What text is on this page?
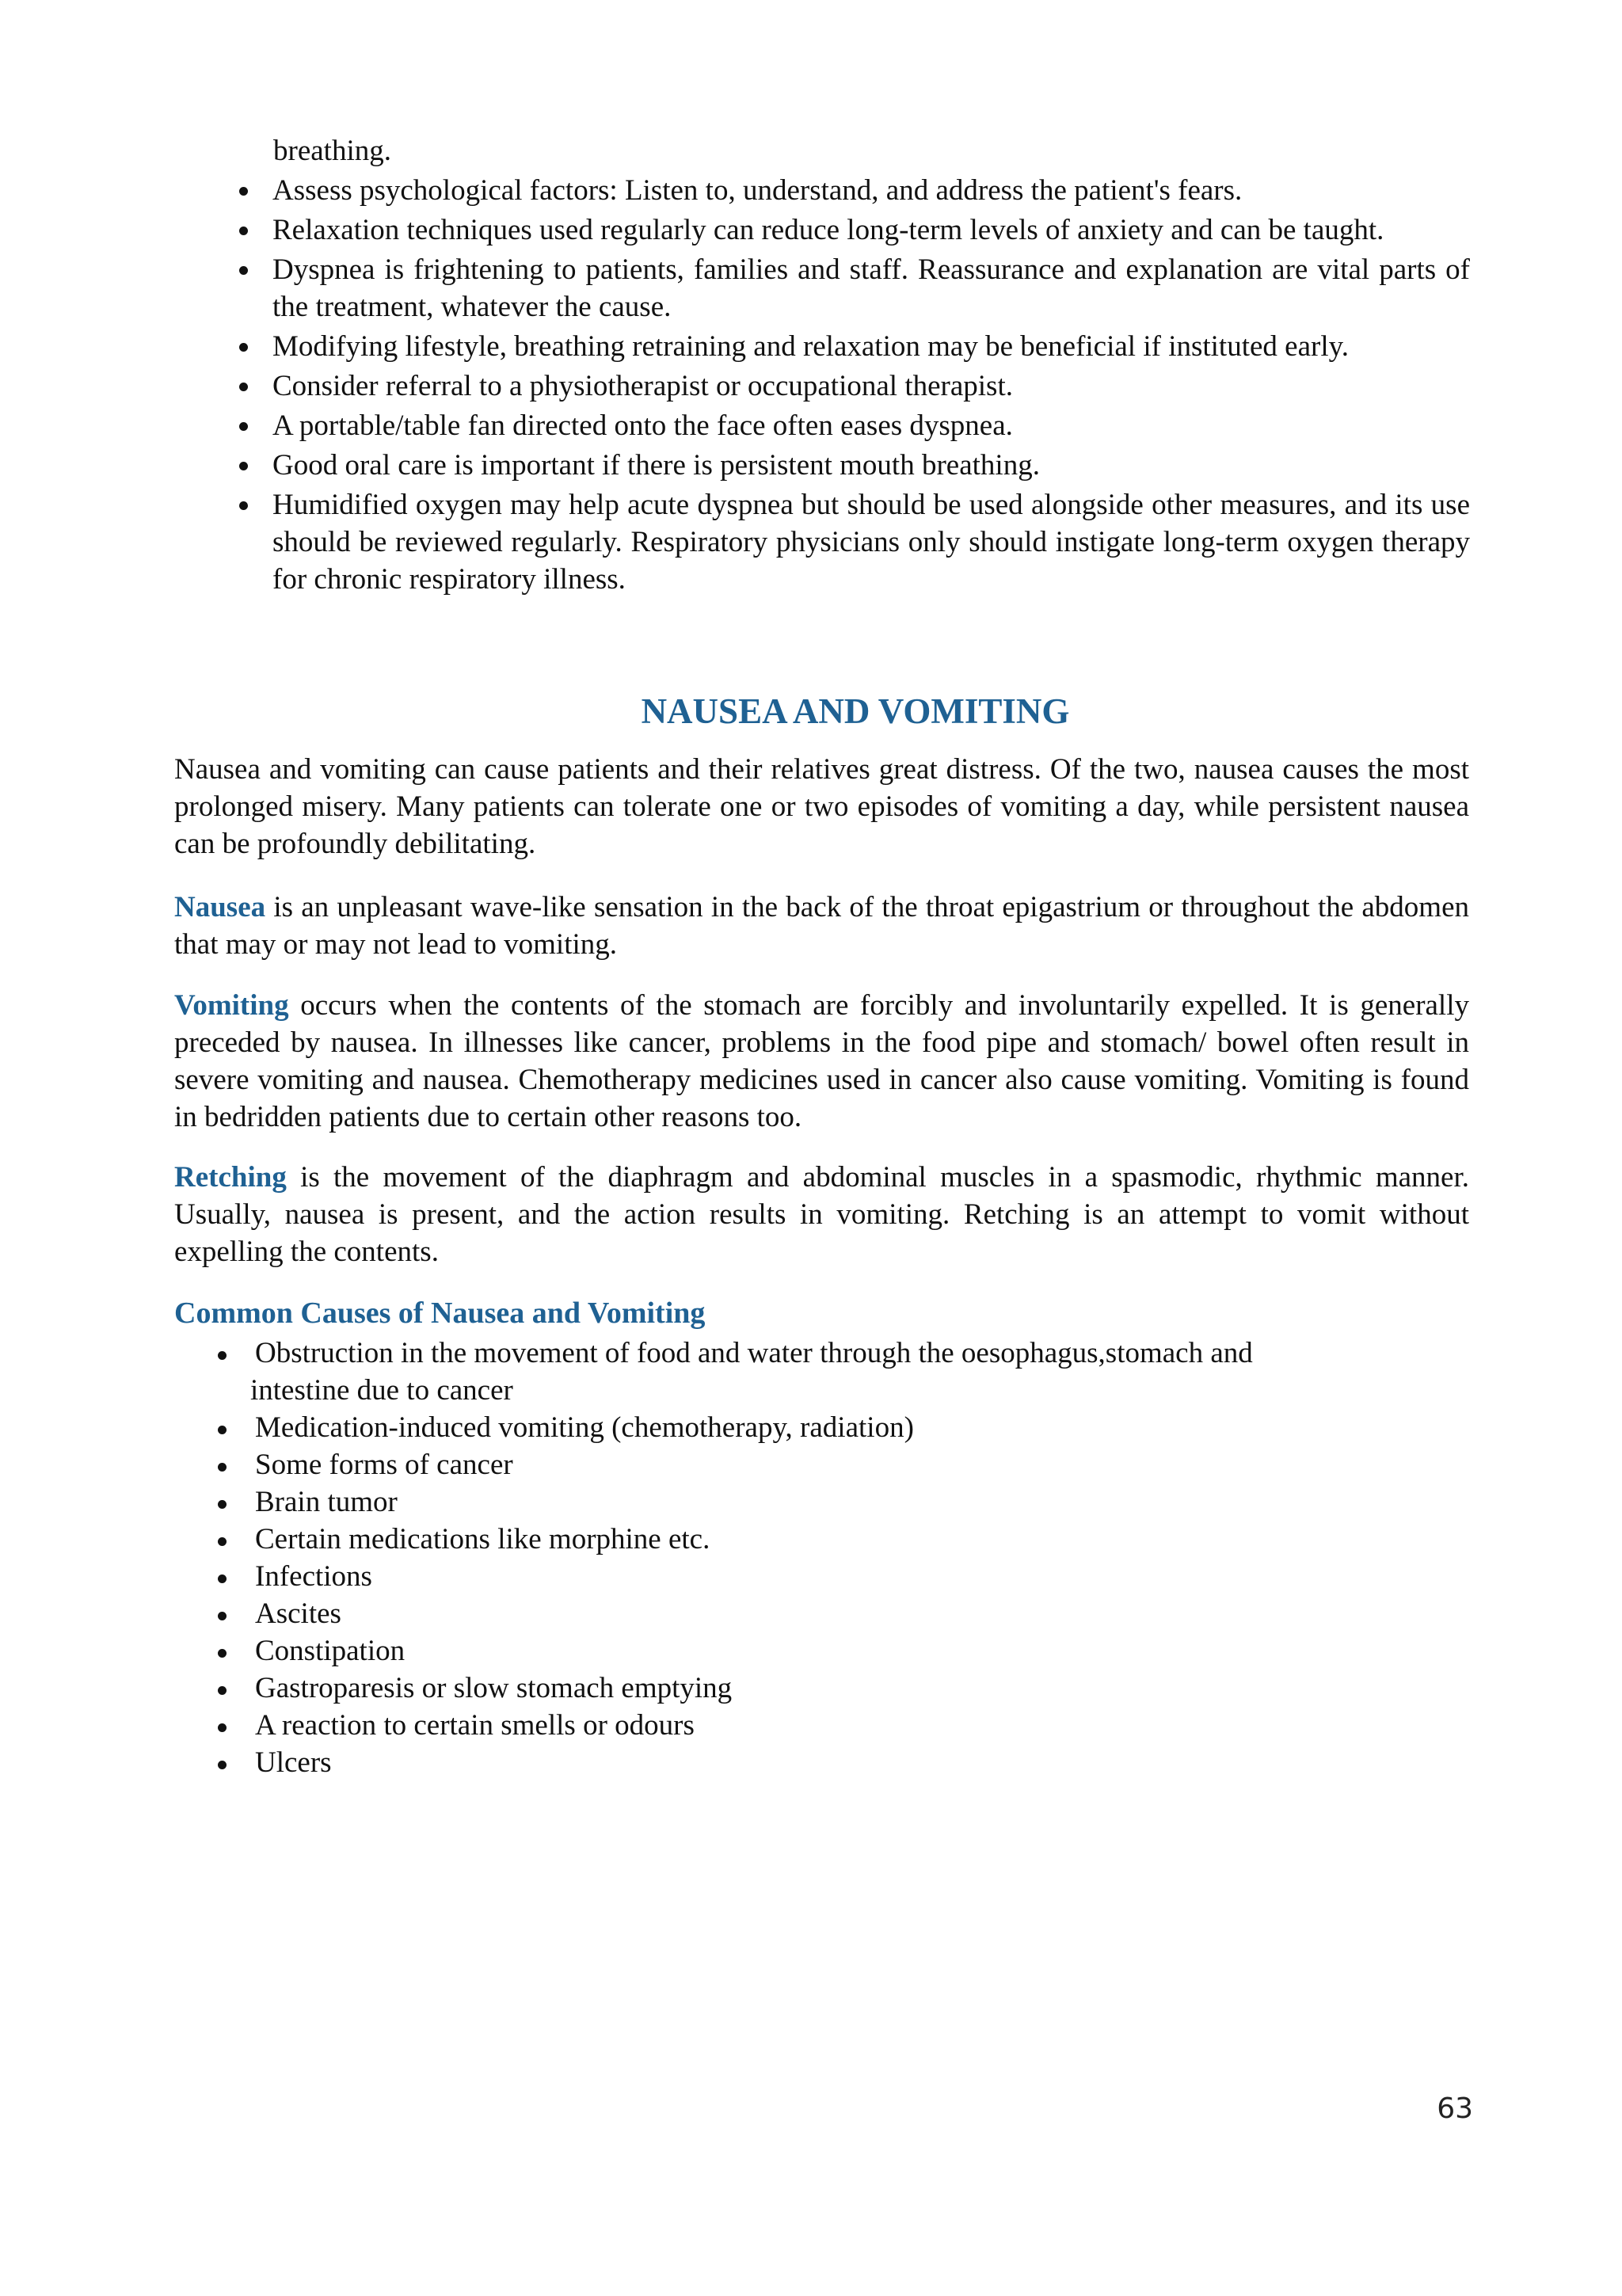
breathing.
Assess psychological factors: Listen to, understand, and address the patient's fears.
Relaxation techniques used regularly can reduce long-term levels of anxiety and can be taught.
Dyspnea is frightening to patients, families and staff. Reassurance and explanation are vital parts of the treatment, whatever the cause.
Modifying lifestyle, breathing retraining and relaxation may be beneficial if instituted early.
Consider referral to a physiotherapist or occupational therapist.
A portable/table fan directed onto the face often eases dyspnea.
Good oral care is important if there is persistent mouth breathing.
Humidified oxygen may help acute dyspnea but should be used alongside other measures, and its use should be reviewed regularly. Respiratory physicians only should instigate long-term oxygen therapy for chronic respiratory illness.
NAUSEA AND VOMITING
Nausea and vomiting can cause patients and their relatives great distress. Of the two, nausea causes the most prolonged misery. Many patients can tolerate one or two episodes of vomiting a day, while persistent nausea can be profoundly debilitating.
Nausea is an unpleasant wave-like sensation in the back of the throat epigastrium or throughout the abdomen that may or may not lead to vomiting.
Vomiting occurs when the contents of the stomach are forcibly and involuntarily expelled. It is generally preceded by nausea. In illnesses like cancer, problems in the food pipe and stomach/ bowel often result in severe vomiting and nausea. Chemotherapy medicines used in cancer also cause vomiting. Vomiting is found in bedridden patients due to certain other reasons too.
Retching is the movement of the diaphragm and abdominal muscles in a spasmodic, rhythmic manner. Usually, nausea is present, and the action results in vomiting. Retching is an attempt to vomit without expelling the contents.
Common Causes of Nausea and Vomiting
Obstruction in the movement of food and water through the oesophagus,stomach and
intestine due to cancer
Medication-induced vomiting (chemotherapy, radiation)
Some forms of cancer
Brain tumor
Certain medications like morphine etc.
Infections
Ascites
Constipation
Gastroparesis or slow stomach emptying
A reaction to certain smells or odours
Ulcers
63
